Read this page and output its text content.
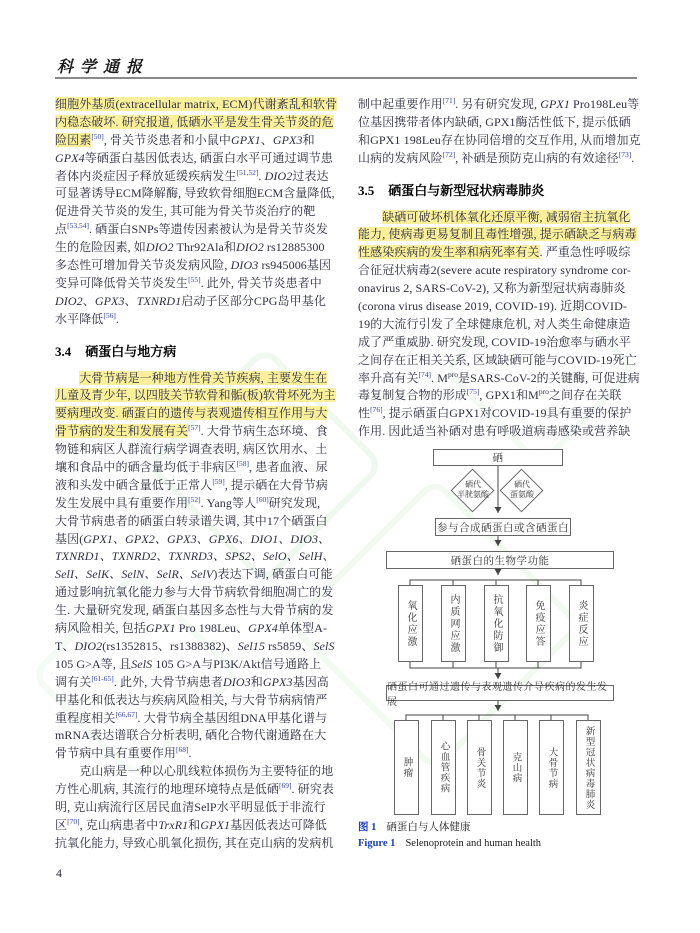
科学通报
细胞外基质(extracellular matrix, ECM)代谢紊乱和软骨
内稳态破坏. 研究报道, 低硒水平是发生骨关节炎的危
险因素[50], 骨关节炎患者和小鼠中GPX1、GPX3和
GPX4等硒蛋白基因低表达, 硒蛋白水平可通过调节患
者体内炎症因子释放延缓疾病发生[51,52]. DIO2过表达
可显著诱导ECM降解酶, 导致软骨细胞ECM含量降低,
促进骨关节炎的发生, 其可能为骨关节炎治疗的靶
点[53,54]. 硒蛋白SNPs等遗传因素被认为是骨关节炎发
生的危险因素, 如DIO2 Thr92Ala和DIO2 rs12885300
多态性可增加骨关节炎发病风险, DIO3 rs945006基因
变异可降低骨关节炎发生[55]. 此外, 骨关节炎患者中
DIO2、GPX3、TXNRD1启动子区部分CPG岛甲基化
水平降低[56].
3.4 硒蛋白与地方病
　　大骨节病是一种地方性骨关节疾病, 主要发生在
儿童及青少年, 以四肢关节软骨和骺(板)软骨坏死为主
要病理改变. 硒蛋白的遗传与表观遗传相互作用与大
骨节病的发生和发展有关[57]. 大骨节病生态环境、食
物链和病区人群流行病学调查表明, 病区饮用水、土
壤和食品中的硒含量均低于非病区[58], 患者血液、尿
液和头发中硒含量低于正常人[59], 提示硒在大骨节病
发生发展中具有重要作用[52]. Yang等人[60]研究发现,
大骨节病患者的硒蛋白转录谱失调, 其中17个硒蛋白
基因(GPX1、GPX2、GPX3、GPX6、DIO1、DIO3、
TXNRD1、TXNRD2、TXNRD3、SPS2、SelO、SelH、
SelI、SelK、SelN、SelR、SelV)表达下调, 硒蛋白可能
通过影响抗氧化能力参与大骨节病软骨细胞凋亡的发
生. 大量研究发现, 硒蛋白基因多态性与大骨节病的发
病风险相关, 包括GPX1 Pro 198Leu、GPX4单体型A-
T、DIO2(rs1352815、rs1388382)、Sel15 rs5859、SelS
105 G>A等, 且SelS 105 G>A与PI3K/Akt信号通路上
调有关[61-65]. 此外, 大骨节病患者DIO3和GPX3基因高
甲基化和低表达与疾病风险相关, 与大骨节病病情严
重程度相关[66,67]. 大骨节病全基因组DNA甲基化谱与
mRNA表达谱联合分析表明, 硒化合物代谢通路在大
骨节病中具有重要作用[68].
　　克山病是一种以心肌线粒体损伤为主要特征的地
方性心肌病, 其流行的地理环境特点是低硒[69]. 研究表
明, 克山病流行区居民血清SelP水平明显低于非流行
区[70], 克山病患者中TrxR1和GPX1基因低表达可降低
抗氧化能力, 导致心肌氧化损伤, 其在克山病的发病机
制中起重要作用[71]. 另有研究发现, GPX1 Pro198Leu等
位基因携带者体内缺硒, GPX1酶活性低下, 提示低硒
和GPX1 198Leu存在协同倍增的交互作用, 从而增加克
山病的发病风险[72], 补硒是预防克山病的有效途径[73].
3.5 硒蛋白与新型冠状病毒肺炎
　　缺硒可破坏机体氧化还原平衡, 减弱宿主抗氧化
能力, 使病毒更易复制且毒性增强, 提示硒缺乏与病毒
性感染疾病的发生率和病死率有关. 严重急性呼吸综
合征冠状病毒2(severe acute respiratory syndrome cor-
onavirus 2, SARS-CoV-2), 又称为新型冠状病毒肺炎
(corona virus disease 2019, COVID-19). 近期COVID-
19的大流行引发了全球健康危机, 对人类生命健康造
成了严重威胁. 研究发现, COVID-19治愈率与硒水平
之间存在正相关关系, 区域缺硒可能与COVID-19死亡
率升高有关[74]. $M^{pro}$是SARS-CoV-2的关键酶, 可促进病
毒复制复合物的形成[75], GPX1和$M^{pro}$之间存在关联
性[76], 提示硒蛋白GPX1对COVID-19具有重要的保护
作用. 因此适当补硒对患有呼吸道病毒感染或营养缺
硒
硒代
半胱氨酸
硒代
蛋氨酸
参与合成硒蛋白或含硒蛋白
硒蛋白的生物学功能
氧化应激	内质网应激	抗氧化防御	免疫应答	炎症反应
硒蛋白可通过遗传与表观遗传介导疾病的发生发展
肿瘤	心血管疾病	骨关节炎	克山病	大骨节病	新型冠状病毒肺炎
图 1 硒蛋白与人体健康
Figure 1 Selenoprotein and human health
4
